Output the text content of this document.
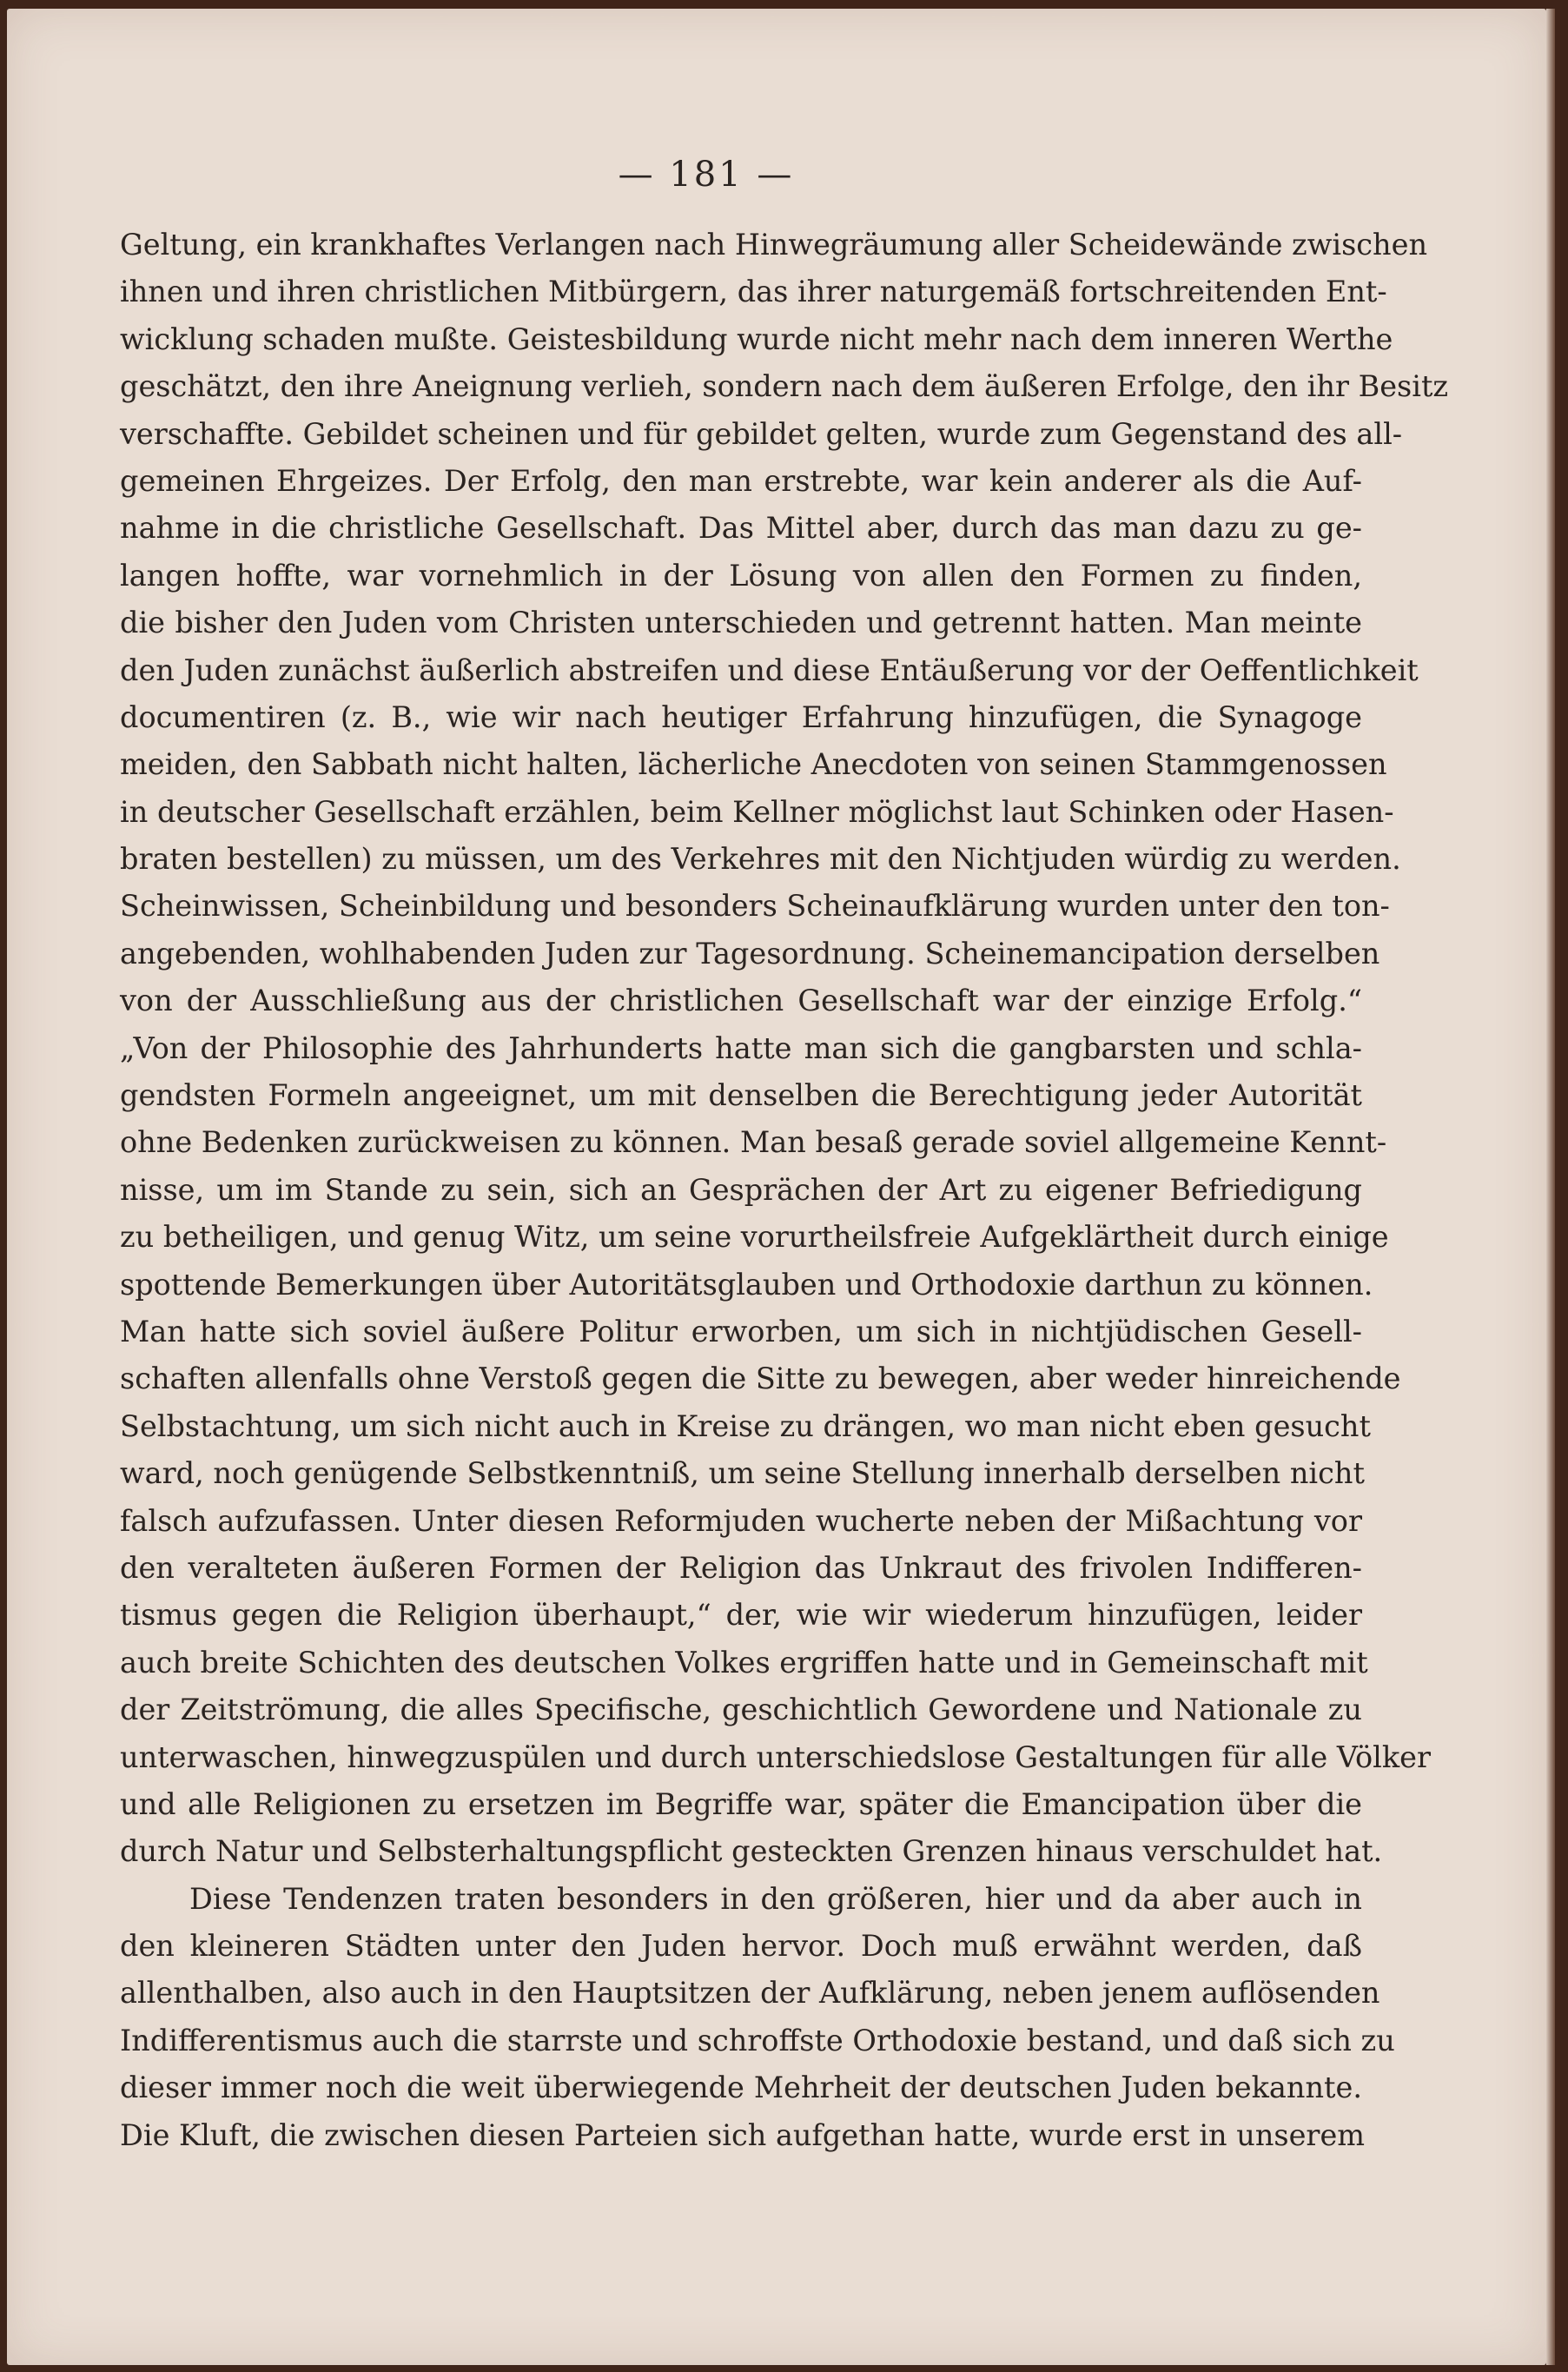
— 181 —
Geltung, ein krankhaftes Verlangen nach Hinwegräumung aller Scheidewände zwischen
ihnen und ihren christlichen Mitbürgern, das ihrer naturgemäß fortschreitenden Ent-
wicklung schaden mußte. Geistesbildung wurde nicht mehr nach dem inneren Werthe
geschätzt, den ihre Aneignung verlieh, sondern nach dem äußeren Erfolge, den ihr Besitz
verschaffte. Gebildet scheinen und für gebildet gelten, wurde zum Gegenstand des all-
gemeinen Ehrgeizes. Der Erfolg, den man erstrebte, war kein anderer als die Auf-
nahme in die christliche Gesellschaft. Das Mittel aber, durch das man dazu zu ge-
langen hoffte, war vornehmlich in der Lösung von allen den Formen zu finden,
die bisher den Juden vom Christen unterschieden und getrennt hatten. Man meinte
den Juden zunächst äußerlich abstreifen und diese Entäußerung vor der Oeffentlichkeit
documentiren (z. B., wie wir nach heutiger Erfahrung hinzufügen, die Synagoge
meiden, den Sabbath nicht halten, lächerliche Anecdoten von seinen Stammgenossen
in deutscher Gesellschaft erzählen, beim Kellner möglichst laut Schinken oder Hasen-
braten bestellen) zu müssen, um des Verkehres mit den Nichtjuden würdig zu werden.
Scheinwissen, Scheinbildung und besonders Scheinaufklärung wurden unter den ton-
angebenden, wohlhabenden Juden zur Tagesordnung. Scheinemancipation derselben
von der Ausschließung aus der christlichen Gesellschaft war der einzige Erfolg.“
„Von der Philosophie des Jahrhunderts hatte man sich die gangbarsten und schla-
gendsten Formeln angeeignet, um mit denselben die Berechtigung jeder Autorität
ohne Bedenken zurückweisen zu können. Man besaß gerade soviel allgemeine Kennt-
nisse, um im Stande zu sein, sich an Gesprächen der Art zu eigener Befriedigung
zu betheiligen, und genug Witz, um seine vorurtheilsfreie Aufgeklärtheit durch einige
spottende Bemerkungen über Autoritätsglauben und Orthodoxie darthun zu können.
Man hatte sich soviel äußere Politur erworben, um sich in nichtjüdischen Gesell-
schaften allenfalls ohne Verstoß gegen die Sitte zu bewegen, aber weder hinreichende
Selbstachtung, um sich nicht auch in Kreise zu drängen, wo man nicht eben gesucht
ward, noch genügende Selbstkenntniß, um seine Stellung innerhalb derselben nicht
falsch aufzufassen. Unter diesen Reformjuden wucherte neben der Mißachtung vor
den veralteten äußeren Formen der Religion das Unkraut des frivolen Indifferen-
tismus gegen die Religion überhaupt,“ der, wie wir wiederum hinzufügen, leider
auch breite Schichten des deutschen Volkes ergriffen hatte und in Gemeinschaft mit
der Zeitströmung, die alles Specifische, geschichtlich Gewordene und Nationale zu
unterwaschen, hinwegzuspülen und durch unterschiedslose Gestaltungen für alle Völker
und alle Religionen zu ersetzen im Begriffe war, später die Emancipation über die
durch Natur und Selbsterhaltungspflicht gesteckten Grenzen hinaus verschuldet hat.
Diese Tendenzen traten besonders in den größeren, hier und da aber auch in
den kleineren Städten unter den Juden hervor. Doch muß erwähnt werden, daß
allenthalben, also auch in den Hauptsitzen der Aufklärung, neben jenem auflösenden
Indifferentismus auch die starrste und schroffste Orthodoxie bestand, und daß sich zu
dieser immer noch die weit überwiegende Mehrheit der deutschen Juden bekannte.
Die Kluft, die zwischen diesen Parteien sich aufgethan hatte, wurde erst in unserem
